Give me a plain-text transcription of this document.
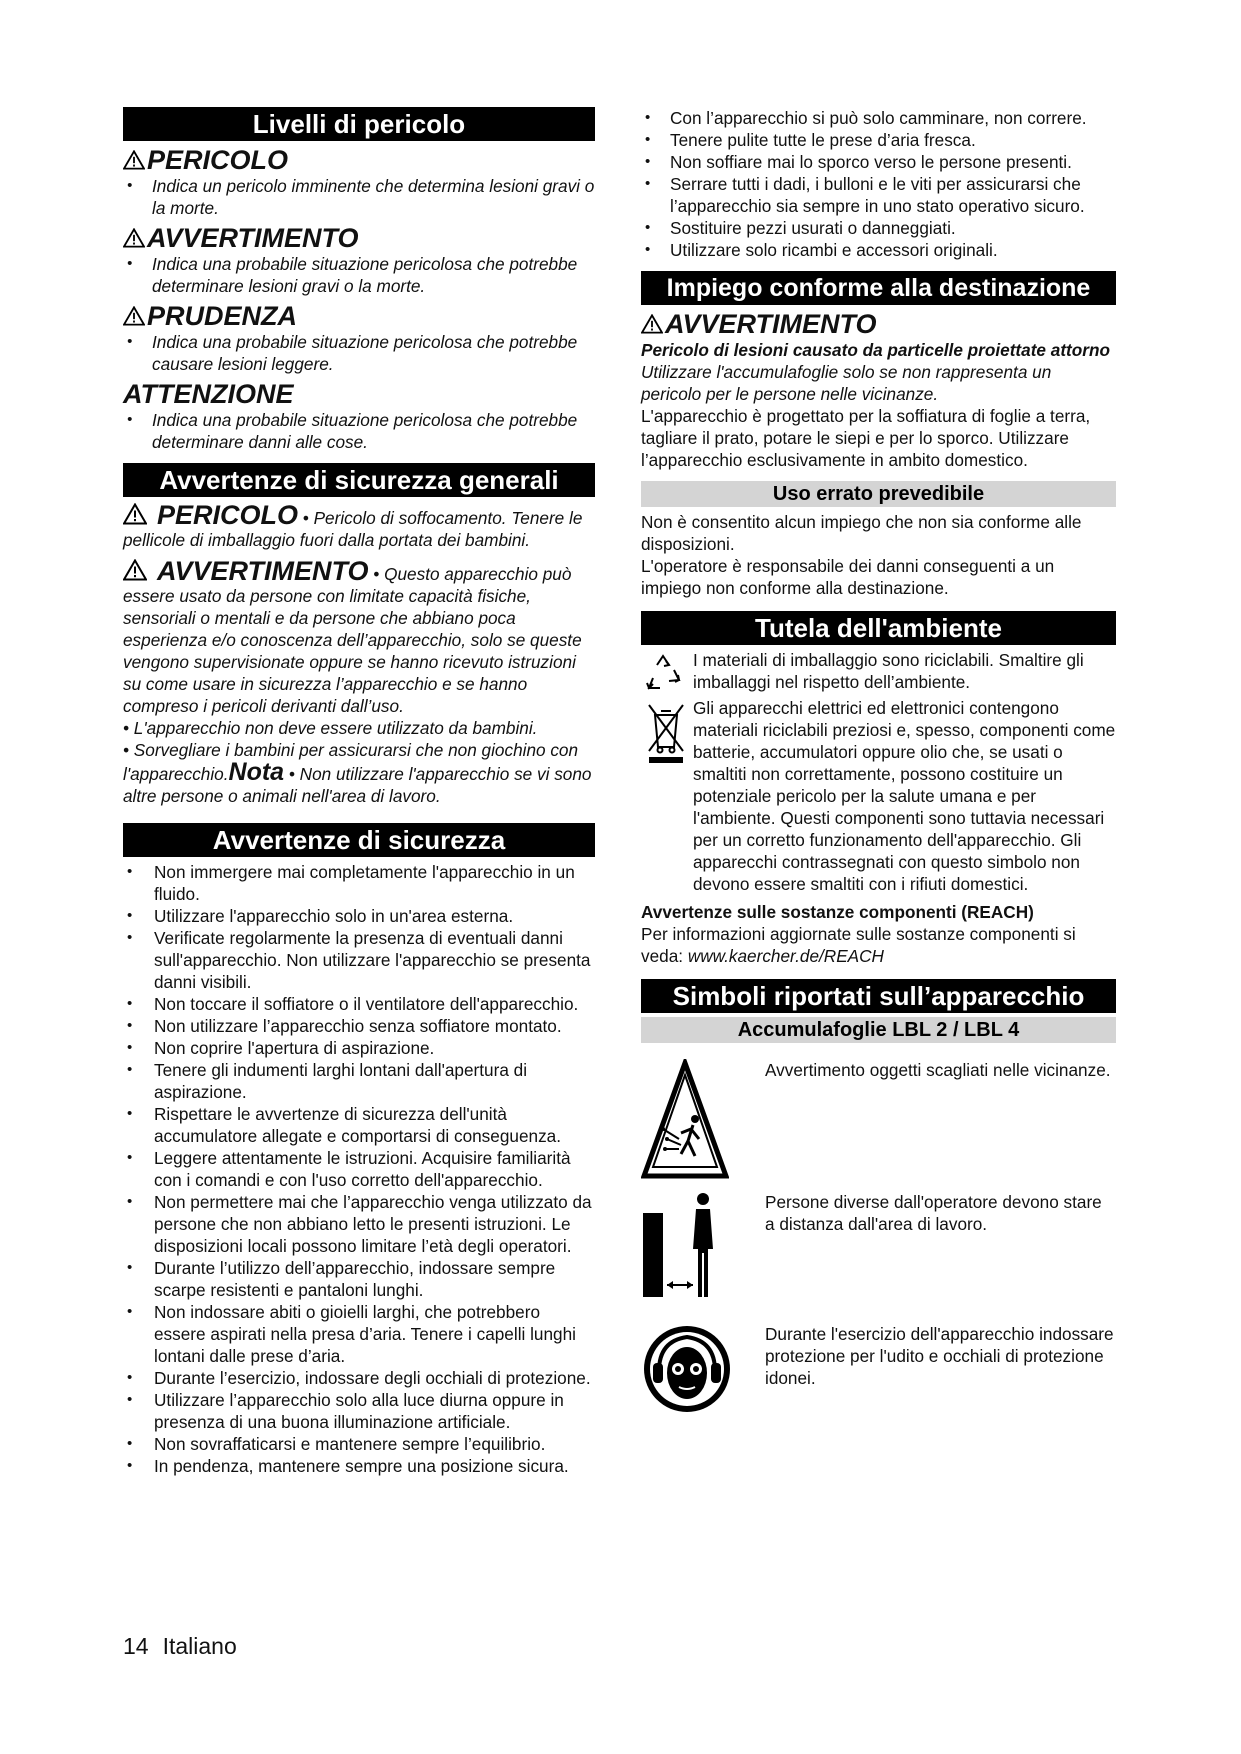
Livelli di pericolo
PERICOLO
• Indica un pericolo imminente che determina lesioni gravi o la morte.
AVVERTIMENTO
• Indica una probabile situazione pericolosa che potrebbe determinare lesioni gravi o la morte.
PRUDENZA
• Indica una probabile situazione pericolosa che potrebbe causare lesioni leggere.
ATTENZIONE
• Indica una probabile situazione pericolosa che potrebbe determinare danni alle cose.
Avvertenze di sicurezza generali

PERICOLO • Pericolo di soffocamento. Tenere le pellicole di imballaggio fuori dalla portata dei bambini.

AVVERTIMENTO • Questo apparecchio può essere usato da persone con limitate capacità fisiche, sensoriali o mentali e da persone che abbiano poca esperienza e/o conoscenza dell’apparecchio, solo se queste vengono supervisionate oppure se hanno ricevuto istruzioni su come usare in sicurezza l’apparecchio e se hanno compreso i pericoli derivanti dall’uso.

• L'apparecchio non deve essere utilizzato da bambini.

• Sorvegliare i bambini per assicurarsi che non giochino con l'apparecchio.Nota • Non utilizzare l'apparecchio se vi sono altre persone o animali nell'area di lavoro.

Avvertenze di sicurezza
• Non immergere mai completamente l'apparecchio in un fluido.
• Utilizzare l'apparecchio solo in un'area esterna.
• Verificate regolarmente la presenza di eventuali danni sull'apparecchio. Non utilizzare l'apparecchio se presenta danni visibili.
• Non toccare il soffiatore o il ventilatore dell'apparecchio.
• Non utilizzare l’apparecchio senza soffiatore montato.
• Non coprire l'apertura di aspirazione.
• Tenere gli indumenti larghi lontani dall'apertura di aspirazione.
• Rispettare le avvertenze di sicurezza dell'unità accumulatore allegate e comportarsi di conseguenza.
• Leggere attentamente le istruzioni. Acquisire familiarità con i comandi e con l'uso corretto dell'apparecchio.
• Non permettere mai che l’apparecchio venga utilizzato da persone che non abbiano letto le presenti istruzioni. Le disposizioni locali possono limitare l’età degli operatori.
• Durante l’utilizzo dell’apparecchio, indossare sempre scarpe resistenti e pantaloni lunghi.
• Non indossare abiti o gioielli larghi, che potrebbero essere aspirati nella presa d’aria. Tenere i capelli lunghi lontani dalle prese d’aria.
• Durante l’esercizio, indossare degli occhiali di protezione.
• Utilizzare l’apparecchio solo alla luce diurna oppure in presenza di una buona illuminazione artificiale.
• Non sovraffaticarsi e mantenere sempre l’equilibrio.
• In pendenza, mantenere sempre una posizione sicura.
• Con l’apparecchio si può solo camminare, non correre.
• Tenere pulite tutte le prese d’aria fresca.
• Non soffiare mai lo sporco verso le persone presenti.
• Serrare tutti i dadi, i bulloni e le viti per assicurarsi che l’apparecchio sia sempre in uno stato operativo sicuro.
• Sostituire pezzi usurati o danneggiati.
• Utilizzare solo ricambi e accessori originali.
Impiego conforme alla destinazione
AVVERTIMENTO

Pericolo di lesioni causato da particelle proiettate attorno

Utilizzare l'accumulafoglie solo se non rappresenta un pericolo per le persone nelle vicinanze.

L'apparecchio è progettato per la soffiatura di foglie a terra, tagliare il prato, potare le siepi e per lo sporco. Utilizzare l’apparecchio esclusivamente in ambito domestico.

Uso errato prevedibile

Non è consentito alcun impiego che non sia conforme alle disposizioni.

L'operatore è responsabile dei danni conseguenti a un impiego non conforme alla destinazione.

Tutela dell'ambiente

I materiali di imballaggio sono riciclabili. Smaltire gli imballaggi nel rispetto dell’ambiente.

Gli apparecchi elettrici ed elettronici contengono materiali riciclabili preziosi e, spesso, componenti come batterie, accumulatori oppure olio che, se usati o smaltiti non correttamente, possono costituire un potenziale pericolo per la salute umana e per l'ambiente. Questi componenti sono tuttavia necessari per un corretto funzionamento dell'apparecchio. Gli apparecchi contrassegnati con questo simbolo non devono essere smaltiti con i rifiuti domestici.

Avvertenze sulle sostanze componenti (REACH)

Per informazioni aggiornate sulle sostanze componenti si veda: www.kaercher.de/REACH

Simboli riportati sull’apparecchio
Accumulafoglie LBL 2 / LBL 4
Avvertimento oggetti scagliati nelle vicinanze.
Persone diverse dall'operatore devono stare a distanza dall'area di lavoro.
Durante l'esercizio dell'apparecchio indossare protezione per l'udito e occhiali di protezione idonei.
14 Italiano
